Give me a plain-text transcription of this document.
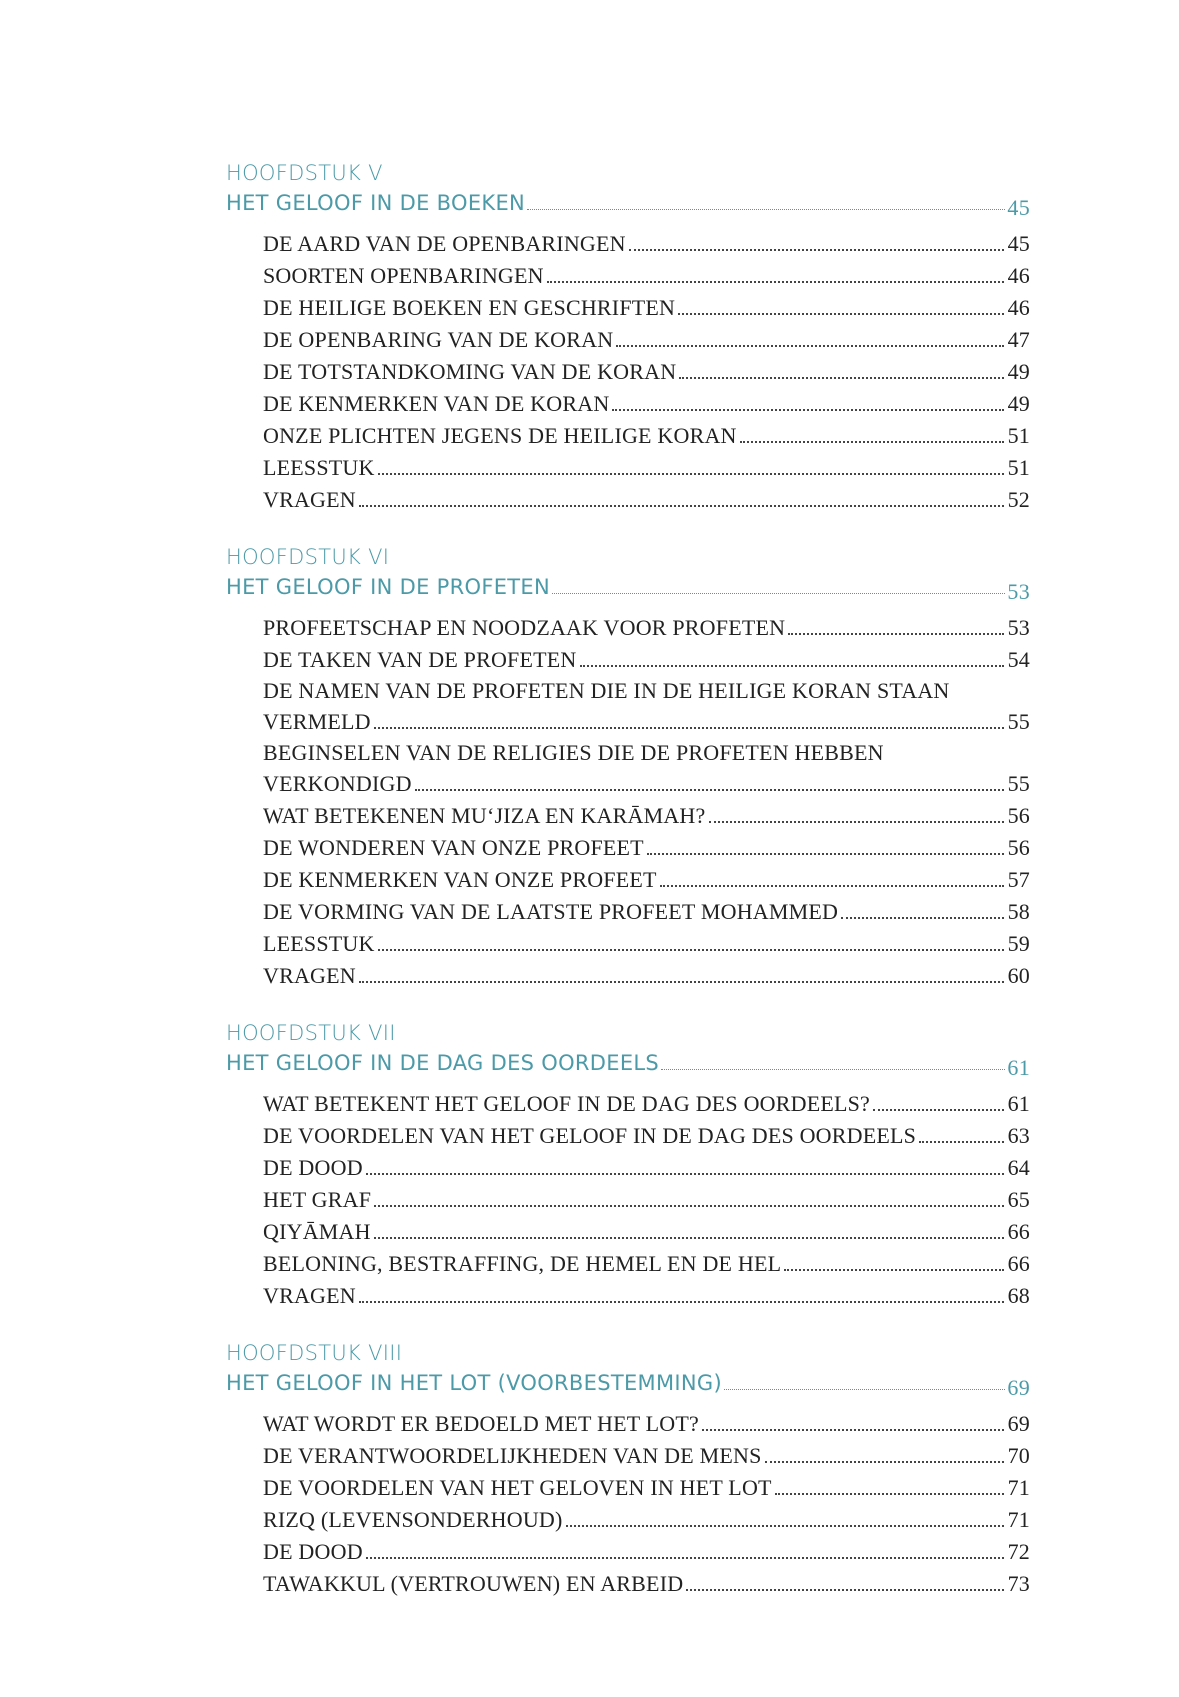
HOOFDSTUK V
HET GELOOF IN DE BOEKEN	45
DE AARD VAN DE OPENBARINGEN	45
SOORTEN OPENBARINGEN	46
DE HEILIGE BOEKEN EN GESCHRIFTEN	46
DE OPENBARING VAN DE KORAN	47
DE TOTSTANDKOMING VAN DE KORAN	49
DE KENMERKEN VAN DE KORAN	49
ONZE PLICHTEN JEGENS DE HEILIGE KORAN	51
LEESSTUK	51
VRAGEN	52
HOOFDSTUK VI
HET GELOOF IN DE PROFETEN	53
PROFEETSCHAP EN NOODZAAK VOOR PROFETEN	53
DE TAKEN VAN DE PROFETEN	54
DE NAMEN VAN DE PROFETEN DIE IN DE HEILIGE KORAN STAAN
VERMELD	55
BEGINSELEN VAN DE RELIGIES DIE DE PROFETEN HEBBEN
VERKONDIGD	55
WAT BETEKENEN MU‘JIZA EN KARĀMAH?	56
DE WONDEREN VAN ONZE PROFEET	56
DE KENMERKEN VAN ONZE PROFEET	57
DE VORMING VAN DE LAATSTE PROFEET MOHAMMED	58
LEESSTUK	59
VRAGEN	60
HOOFDSTUK VII
HET GELOOF IN DE DAG DES OORDEELS	61
WAT BETEKENT HET GELOOF IN DE DAG DES OORDEELS?	61
DE VOORDELEN VAN HET GELOOF IN DE DAG DES OORDEELS	63
DE DOOD	64
HET GRAF	65
QIYĀMAH	66
BELONING, BESTRAFFING, DE HEMEL EN DE HEL	66
VRAGEN	68
HOOFDSTUK VIII
HET GELOOF IN HET LOT (VOORBESTEMMING)	69
WAT WORDT ER BEDOELD MET HET LOT?	69
DE VERANTWOORDELIJKHEDEN VAN DE MENS	70
DE VOORDELEN VAN HET GELOVEN IN HET LOT	71
RIZQ (LEVENSONDERHOUD)	71
DE DOOD	72
TAWAKKUL (VERTROUWEN) EN ARBEID	73
